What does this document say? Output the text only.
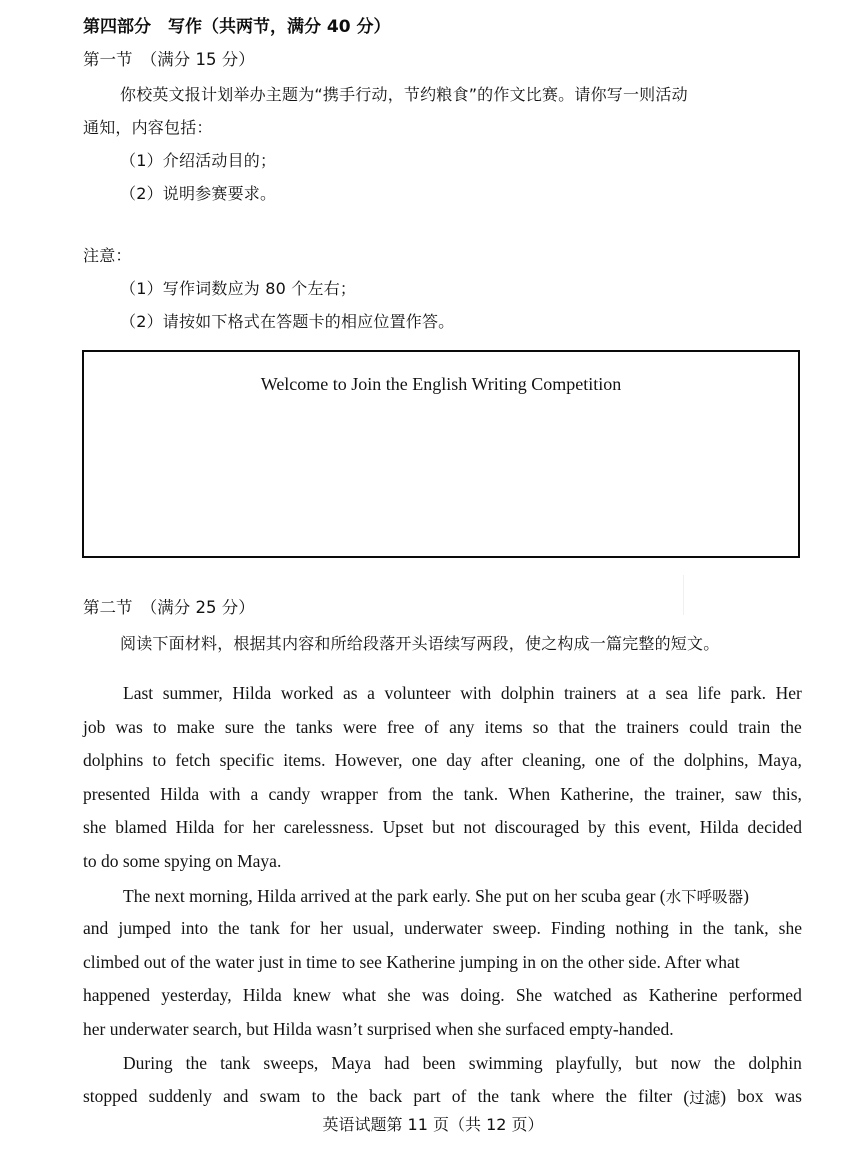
第四部分　写作（共两节，满分 40 分）
第一节　（满分 15 分）
你校英文报计划举办主题为“携手行动，节约粮食”的作文比赛。请你写一则活动
通知，内容包括：
（1）介绍活动目的；
（2）说明参赛要求。
注意：
（1）写作词数应为 80 个左右；
（2）请按如下格式在答题卡的相应位置作答。
Welcome to Join the English Writing Competition
第二节　（满分 25 分）
阅读下面材料，根据其内容和所给段落开头语续写两段，使之构成一篇完整的短文。
Last summer, Hilda worked as a volunteer with dolphin trainers at a sea life park. Her
job was to make sure the tanks were free of any items so that the trainers could train the
dolphins to fetch specific items. However, one day after cleaning, one of the dolphins, Maya,
presented Hilda with a candy wrapper from the tank. When Katherine, the trainer, saw this,
she blamed Hilda for her carelessness. Upset but not discouraged by this event, Hilda decided
to do some spying on Maya.
The next morning, Hilda arrived at the park early. She put on her scuba gear (水下呼吸器)
and jumped into the tank for her usual, underwater sweep. Finding nothing in the tank, she
climbed out of the water just in time to see Katherine jumping in on the other side. After what
happened yesterday, Hilda knew what she was doing. She watched as Katherine performed
her underwater search, but Hilda wasn’t surprised when she surfaced empty-handed.
During the tank sweeps, Maya had been swimming playfully, but now the dolphin
stopped suddenly and swam to the back part of the tank where the filter (过滤) box was
英语试题第 11 页（共 12 页）
